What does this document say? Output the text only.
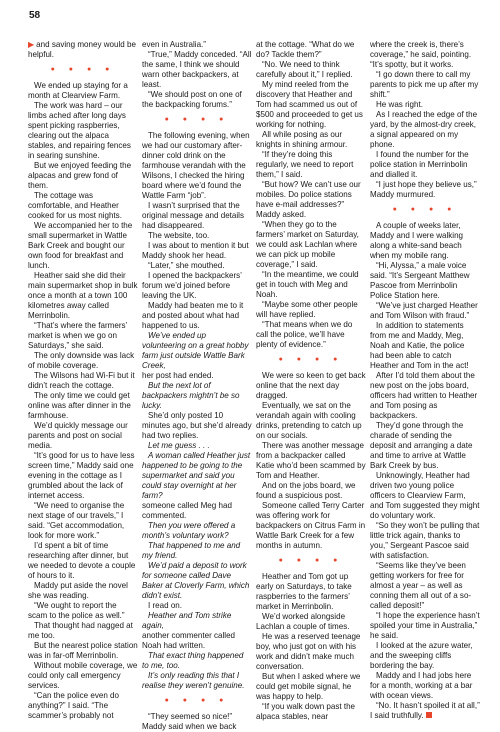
58

▶ and saving money would be helpful.

● ● ● ●

We ended up staying for a month at Clearview Farm.

The work was hard – our limbs ached after long days spent picking raspberries, clearing out the alpaca stables, and repairing fences in searing sunshine.

But we enjoyed feeding the alpacas and grew fond of them.

The cottage was comfortable, and Heather cooked for us most nights.

We accompanied her to the small supermarket in Wattle Bark Creek and bought our own food for breakfast and lunch.

Heather said she did their main supermarket shop in bulk once a month at a town 100 kilometres away called Merrinbolin.

“That’s where the farmers’ market is when we go on Saturdays,” she said.

The only downside was lack of mobile coverage.

The Wilsons had Wi-Fi but it didn’t reach the cottage.

The only time we could get online was after dinner in the farmhouse.

We’d quickly message our parents and post on social media.

“It’s good for us to have less screen time,” Maddy said one evening in the cottage as I grumbled about the lack of internet access.

“We need to organise the next stage of our travels,” I said. “Get accommodation, look for more work.”

I’d spent a bit of time researching after dinner, but we needed to devote a couple of hours to it.

Maddy put aside the novel she was reading.

“We ought to report the scam to the police as well.”

That thought had nagged at me too.

But the nearest police station was in far-off Merrinbolin.

Without mobile coverage, we could only call emergency services.

“Can the police even do anything?” I said. “The scammer’s probably not

even in Australia.”

“True,” Maddy conceded. “All the same, I think we should warn other backpackers, at least.

“We should post on one of the backpacking forums.”

● ● ● ●

The following evening, when we had our customary after-dinner cold drink on the farmhouse verandah with the Wilsons, I checked the hiring board where we’d found the Wattle Farm “job”.

I wasn’t surprised that the original message and details had disappeared.

The website, too.

I was about to mention it but Maddy shook her head.

“Later,” she mouthed.

I opened the backpackers’ forum we’d joined before leaving the UK.

Maddy had beaten me to it and posted about what had happened to us.

We’ve ended up volunteering on a great hobby farm just outside Wattle Bark Creek,

her post had ended.

But the next lot of backpackers mightn’t be so lucky.

She’d only posted 10 minutes ago, but she’d already had two replies.

Let me guess . . .

A woman called Heather just happened to be going to the supermarket and said you could stay overnight at her farm?

someone called Meg had commented.

Then you were offered a month’s voluntary work?

That happened to me and my friend.

We’d paid a deposit to work for someone called Dave Baker at Cloverly Farm, which didn’t exist.

I read on.

Heather and Tom strike again,

another commenter called Noah had written.

That exact thing happened to me, too.

It’s only reading this that I realise they weren’t genuine.

● ● ● ●

“They seemed so nice!” Maddy said when we back

at the cottage. “What do we do? Tackle them?”

“No. We need to think carefully about it,” I replied.

My mind reeled from the discovery that Heather and Tom had scammed us out of $500 and proceeded to get us working for nothing.

All while posing as our knights in shining armour.

“If they’re doing this regularly, we need to report them,” I said.

“But how? We can’t use our mobiles. Do police stations have e-mail addresses?” Maddy asked.

“When they go to the farmers’ market on Saturday, we could ask Lachlan where we can pick up mobile coverage,” I said.

“In the meantime, we could get in touch with Meg and Noah.

“Maybe some other people will have replied.

“That means when we do call the police, we’ll have plenty of evidence.”

● ● ● ●

We were so keen to get back online that the next day dragged.

Eventually, we sat on the verandah again with cooling drinks, pretending to catch up on our socials.

There was another message from a backpacker called Katie who’d been scammed by Tom and Heather.

And on the jobs board, we found a suspicious post.

Someone called Terry Carter was offering work for backpackers on Citrus Farm in Wattle Bark Creek for a few months in autumn.

● ● ● ●

Heather and Tom got up early on Saturdays, to take raspberries to the farmers’ market in Merrinbolin.

We’d worked alongside Lachlan a couple of times.

He was a reserved teenage boy, who just got on with his work and didn’t make much conversation.

But when I asked where we could get mobile signal, he was happy to help.

“If you walk down past the alpaca stables, near

where the creek is, there’s coverage,” he said, pointing. “It’s spotty, but it works.

“I go down there to call my parents to pick me up after my shift.”

He was right.

As I reached the edge of the yard, by the almost-dry creek, a signal appeared on my phone.

I found the number for the police station in Merrinbolin and dialled it.

“I just hope they believe us,” Maddy murmured.

● ● ● ●

A couple of weeks later, Maddy and I were walking along a white-sand beach when my mobile rang.

“Hi, Alyssa,” a male voice said. “It’s Sergeant Matthew Pascoe from Merrinbolin Police Station here.

“We’ve just charged Heather and Tom Wilson with fraud.”

In addition to statements from me and Maddy, Meg, Noah and Katie, the police had been able to catch Heather and Tom in the act!

After I’d told them about the new post on the jobs board, officers had written to Heather and Tom posing as backpackers.

They’d gone through the charade of sending the deposit and arranging a date and time to arrive at Wattle Bark Creek by bus.

Unknowingly, Heather had driven two young police officers to Clearview Farm, and Tom suggested they might do voluntary work.

“So they won’t be pulling that little trick again, thanks to you,” Sergeant Pascoe said with satisfaction.

“Seems like they’ve been getting workers for free for almost a year – as well as conning them all out of a so-called deposit!”

“I hope the experience hasn’t spoiled your time in Australia,” he said.

I looked at the azure water, and the sweeping cliffs bordering the bay.

Maddy and I had jobs here for a month, working at a bar with ocean views.

“No. It hasn’t spoiled it at all,” I said truthfully.
